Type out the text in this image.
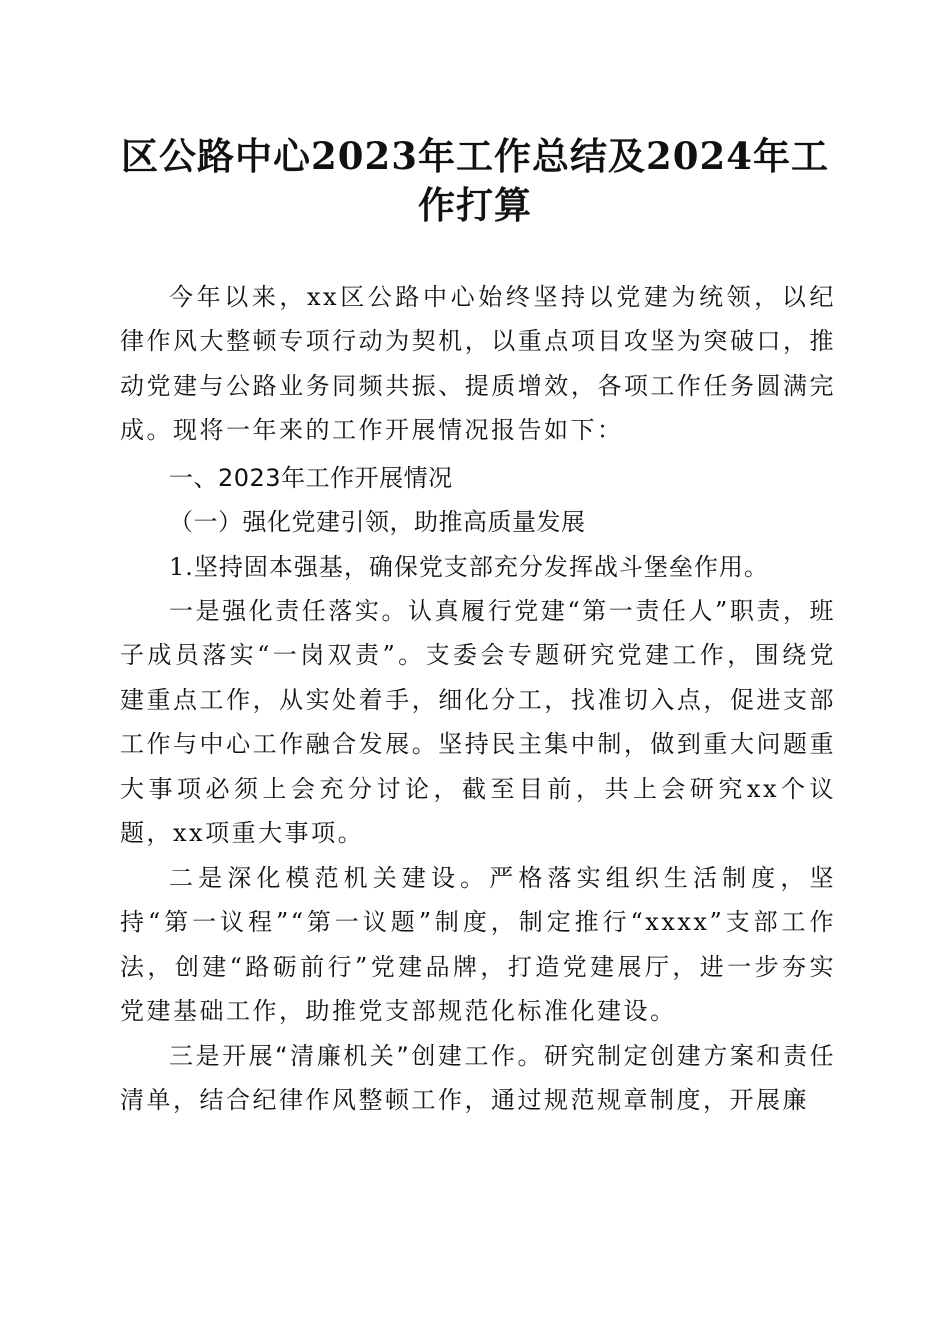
区公路中心2023年工作总结及2024年工作打算
今年以来，xx区公路中心始终坚持以党建为统领，以纪律作风大整顿专项行动为契机，以重点项目攻坚为突破口，推动党建与公路业务同频共振、提质增效，各项工作任务圆满完成。现将一年来的工作开展情况报告如下：
一、2023年工作开展情况
（一）强化党建引领，助推高质量发展
1.坚持固本强基，确保党支部充分发挥战斗堡垒作用。
一是强化责任落实。认真履行党建“第一责任人”职责，班子成员落实“一岗双责”。支委会专题研究党建工作，围绕党建重点工作，从实处着手，细化分工，找准切入点，促进支部工作与中心工作融合发展。坚持民主集中制，做到重大问题重大事项必须上会充分讨论，截至目前，共上会研究xx个议题，xx项重大事项。
二是深化模范机关建设。严格落实组织生活制度，坚持“第一议程”“第一议题”制度，制定推行“xxxx”支部工作法，创建“路砺前行”党建品牌，打造党建展厅，进一步夯实党建基础工作，助推党支部规范化标准化建设。
三是开展“清廉机关”创建工作。研究制定创建方案和责任清单，结合纪律作风整顿工作，通过规范规章制度，开展廉
